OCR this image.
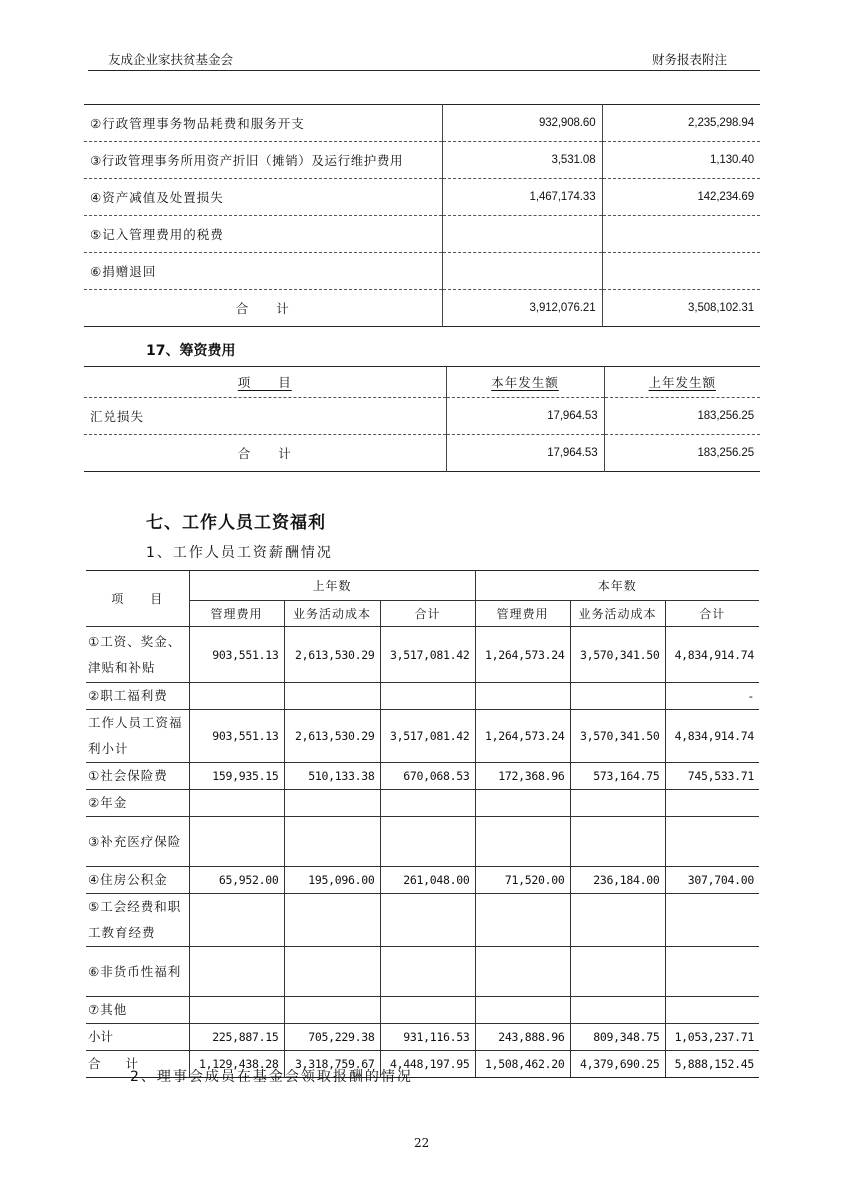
友成企业家扶贫基金会	财务报表附注
②行政管理事务物品耗费和服务开支	932,908.60	2,235,298.94
③行政管理事务所用资产折旧（摊销）及运行维护费用	3,531.08	1,130.40
④资产减值及处置损失	1,467,174.33	142,234.69
⑤记入管理费用的税费		
⑥捐赠退回		
合　　计	3,912,076.21	3,508,102.31
17、筹资费用
项　　目	本年发生额	上年发生额
汇兑损失	17,964.53	183,256.25
合　　计	17,964.53	183,256.25
七、工作人员工资福利
1、工作人员工资薪酬情况
项　　目	上年数			本年数		
	管理费用	业务活动成本	合计	管理费用	业务活动成本	合计
①工资、奖金、津贴和补贴	903,551.13	2,613,530.29	3,517,081.42	1,264,573.24	3,570,341.50	4,834,914.74
②职工福利费						-
工作人员工资福利小计	903,551.13	2,613,530.29	3,517,081.42	1,264,573.24	3,570,341.50	4,834,914.74
①社会保险费	159,935.15	510,133.38	670,068.53	172,368.96	573,164.75	745,533.71
②年金						
③补充医疗保险						
④住房公积金	65,952.00	195,096.00	261,048.00	71,520.00	236,184.00	307,704.00
⑤工会经费和职工教育经费						
⑥非货币性福利						
⑦其他						
小计	225,887.15	705,229.38	931,116.53	243,888.96	809,348.75	1,053,237.71
合　　计	1,129,438.28	3,318,759.67	4,448,197.95	1,508,462.20	4,379,690.25	5,888,152.45
2、理事会成员在基金会领取报酬的情况
22
